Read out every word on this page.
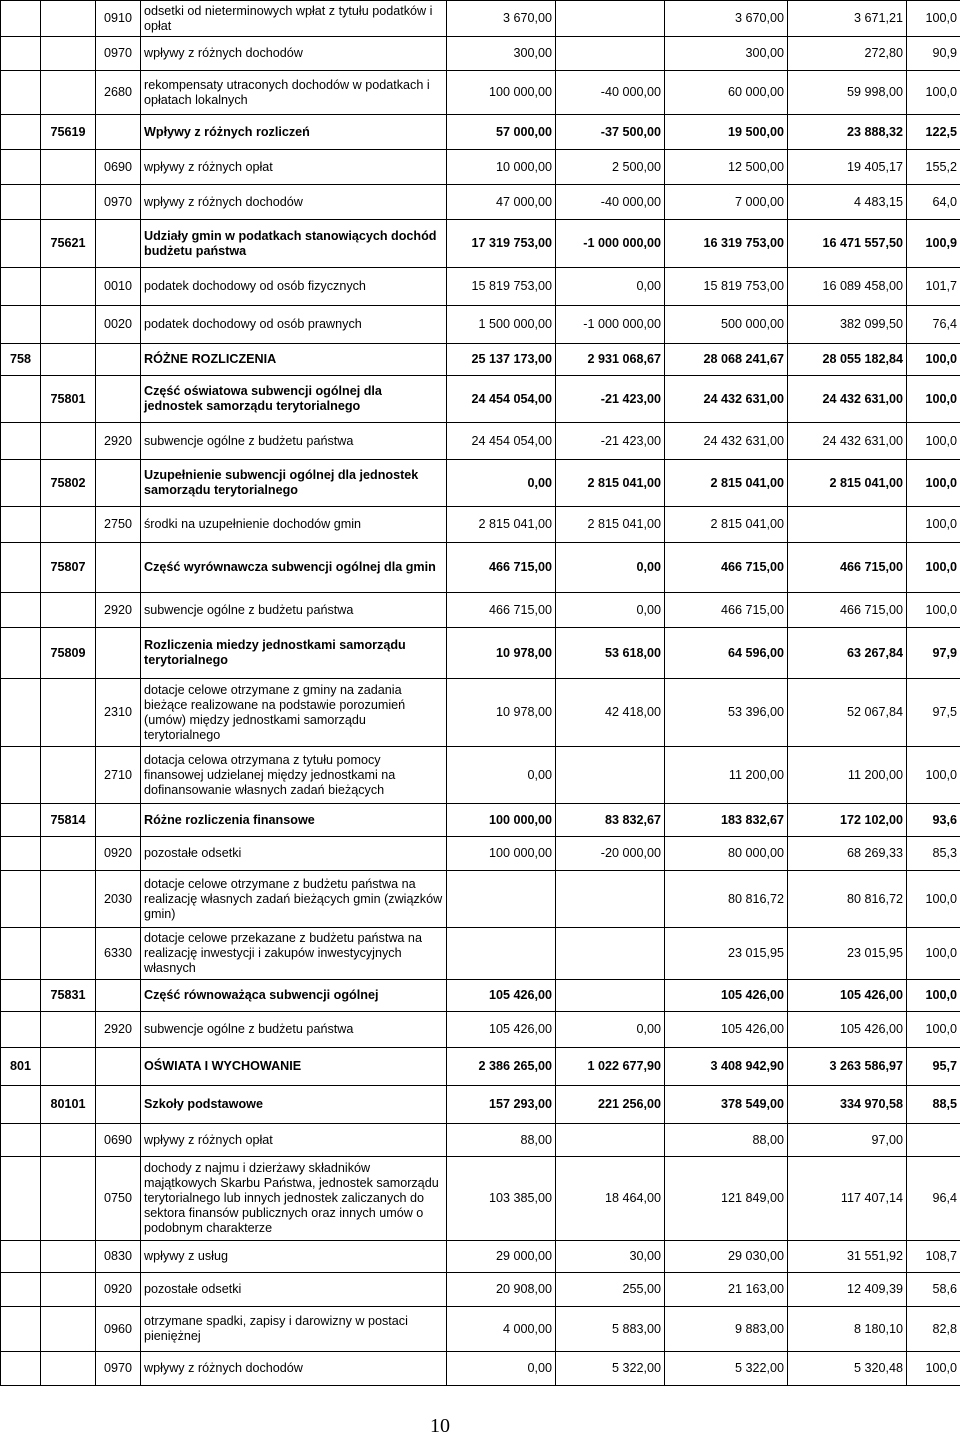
		0910	odsetki od nieterminowych wpłat z tytułu podatków i opłat	3 670,00		3 670,00	3 671,21	100,0
		0970	wpływy z różnych dochodów	300,00		300,00	272,80	90,9
		2680	rekompensaty utraconych dochodów w podatkach i opłatach lokalnych	100 000,00	-40 000,00	60 000,00	59 998,00	100,0
	75619		Wpływy z różnych rozliczeń	57 000,00	-37 500,00	19 500,00	23 888,32	122,5
		0690	wpływy z różnych opłat	10 000,00	2 500,00	12 500,00	19 405,17	155,2
		0970	wpływy z różnych dochodów	47 000,00	-40 000,00	7 000,00	4 483,15	64,0
	75621		Udziały gmin w podatkach stanowiących dochód budżetu państwa	17 319 753,00	-1 000 000,00	16 319 753,00	16 471 557,50	100,9
		0010	podatek dochodowy od osób fizycznych	15 819 753,00	0,00	15 819 753,00	16 089 458,00	101,7
		0020	podatek dochodowy od osób prawnych	1 500 000,00	-1 000 000,00	500 000,00	382 099,50	76,4
758			RÓŻNE ROZLICZENIA	25 137 173,00	2 931 068,67	28 068 241,67	28 055 182,84	100,0
	75801		Część oświatowa subwencji ogólnej dla jednostek samorządu terytorialnego	24 454 054,00	-21 423,00	24 432 631,00	24 432 631,00	100,0
		2920	subwencje ogólne z budżetu państwa	24 454 054,00	-21 423,00	24 432 631,00	24 432 631,00	100,0
	75802		Uzupełnienie subwencji ogólnej dla jednostek samorządu terytorialnego	0,00	2 815 041,00	2 815 041,00	2 815 041,00	100,0
		2750	środki na uzupełnienie dochodów gmin	2 815 041,00	2 815 041,00	2 815 041,00		100,0
	75807		Część wyrównawcza subwencji ogólnej dla gmin	466 715,00	0,00	466 715,00	466 715,00	100,0
		2920	subwencje ogólne z budżetu państwa	466 715,00	0,00	466 715,00	466 715,00	100,0
	75809		Rozliczenia miedzy jednostkami samorządu terytorialnego	10 978,00	53 618,00	64 596,00	63 267,84	97,9
		2310	dotacje celowe otrzymane z gminy na zadania bieżące realizowane na podstawie porozumień (umów) między jednostkami samorządu terytorialnego	10 978,00	42 418,00	53 396,00	52 067,84	97,5
		2710	dotacja celowa otrzymana z tytułu pomocy finansowej udzielanej między jednostkami na dofinansowanie własnych zadań bieżących	0,00		11 200,00	11 200,00	100,0
	75814		Różne rozliczenia finansowe	100 000,00	83 832,67	183 832,67	172 102,00	93,6
		0920	pozostałe odsetki	100 000,00	-20 000,00	80 000,00	68 269,33	85,3
		2030	dotacje celowe otrzymane z budżetu państwa na realizację własnych zadań bieżących gmin (związków gmin)			80 816,72	80 816,72	100,0
		6330	dotacje celowe przekazane z budżetu państwa na realizację inwestycji i zakupów inwestycyjnych własnych			23 015,95	23 015,95	100,0
	75831		Część równoważąca subwencji ogólnej	105 426,00		105 426,00	105 426,00	100,0
		2920	subwencje ogólne z budżetu państwa	105 426,00	0,00	105 426,00	105 426,00	100,0
801			OŚWIATA I WYCHOWANIE	2 386 265,00	1 022 677,90	3 408 942,90	3 263 586,97	95,7
	80101		Szkoły podstawowe	157 293,00	221 256,00	378 549,00	334 970,58	88,5
		0690	wpływy z różnych opłat	88,00		88,00	97,00	
		0750	dochody z najmu i dzierżawy składników majątkowych Skarbu Państwa, jednostek samorządu terytorialnego lub innych jednostek zaliczanych do sektora finansów publicznych oraz innych umów o podobnym charakterze	103 385,00	18 464,00	121 849,00	117 407,14	96,4
		0830	wpływy z usług	29 000,00	30,00	29 030,00	31 551,92	108,7
		0920	pozostałe odsetki	20 908,00	255,00	21 163,00	12 409,39	58,6
		0960	otrzymane spadki, zapisy i darowizny w postaci pieniężnej	4 000,00	5 883,00	9 883,00	8 180,10	82,8
		0970	wpływy z różnych dochodów	0,00	5 322,00	5 322,00	5 320,48	100,0
10
